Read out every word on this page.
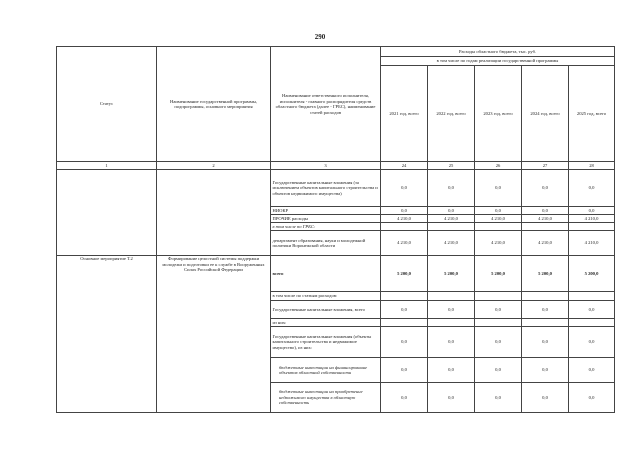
290
Статус	Наименование государственной программы, подпрограммы, основного мероприятия	Наименование ответственного исполнителя, исполнителя - главного распорядителя средств областного бюджета (далее - ГРБС), наименование статей расходов	Расходы областного бюджета, тыс. руб.				
			в том числе по годам реализации государственной программы				
			2021 год, всего	2022 год, всего	2023 год, всего	2024 год, всего	2025 год, всего
1	2	3	24	25	26	27	28
		Государственные капитальные вложения (за исключением объектов капитального строительства и объектов недвижимого имущества)	0,0	0,0	0,0	0,0	0,0
		НИОКР	0,0	0,0	0,0	0,0	0,0
		ПРОЧИЕ расходы	4 210,0	4 210,0	4 210,0	4 210,0	4 210,0
		в том числе по ГРБС:					
		департамент образования, науки и молодежной политики Воронежской области	4 210,0	4 210,0	4 210,0	4 210,0	4 210,0
Основное мероприятие Т.2	Формирование целостной системы поддержки молодежи и подготовки ее к службе в Вооруженных Силах Российской Федерации	всего	5 200,0	5 200,0	5 200,0	5 200,0	5 200,0
		в том числе по статьям расходов:					
		Государственные капитальные вложения, всего	0,0	0,0	0,0	0,0	0,0
		из них:					
		Государственные капитальные вложения (объекты капитального строительства и недвижимое имущество), из них:	0,0	0,0	0,0	0,0	0,0
		бюджетные инвестиции на финансирование объектов областной собственности	0,0	0,0	0,0	0,0	0,0
		бюджетные инвестиции на приобретение недвижимого имущества в областную собственность	0,0	0,0	0,0	0,0	0,0
